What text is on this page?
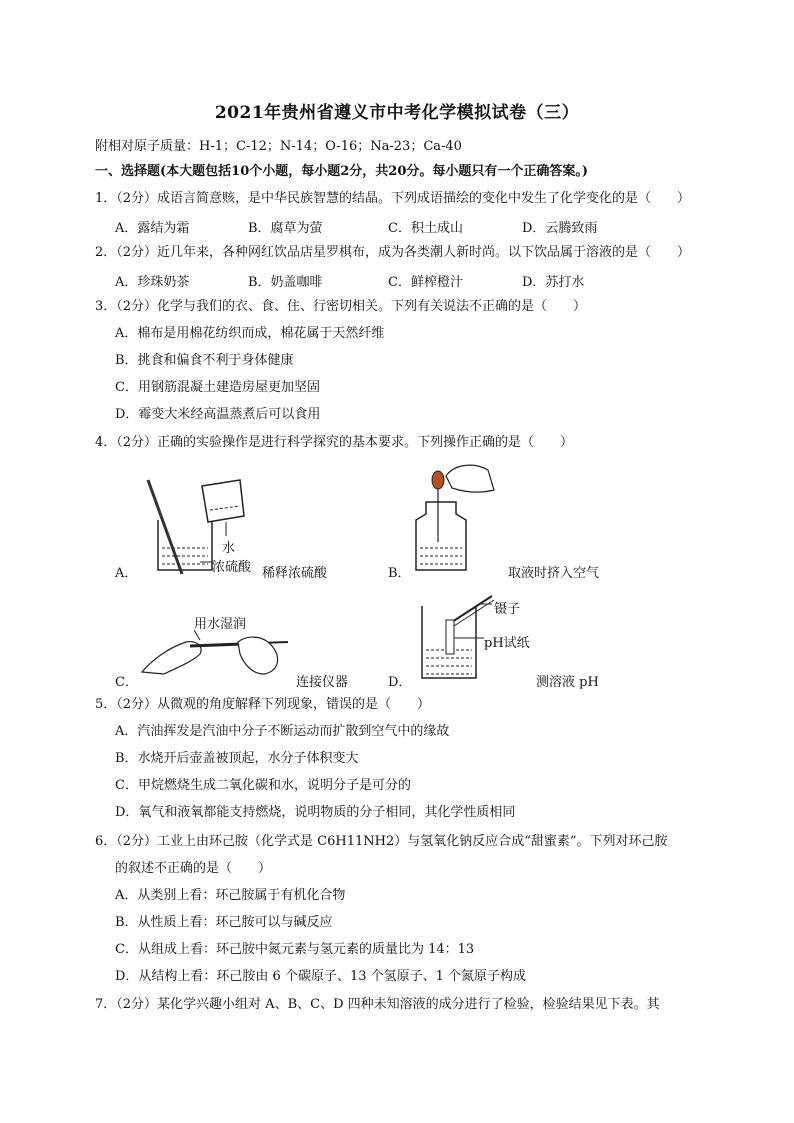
2021年贵州省遵义市中考化学模拟试卷（三）
附相对原子质量：H-1；C-12；N-14；O-16；Na-23；Ca-40
一、选择题(本大题包括10个小题，每小题2分，共20分。每小题只有一个正确答案。)
1．（2分）成语言简意赅，是中华民族智慧的结晶。下列成语描绘的变化中发生了化学变化的是（　　）
A．露结为霜	B．腐草为萤	C．积土成山	D．云腾致雨
2．（2分）近几年来，各种网红饮品店星罗棋布，成为各类潮人新时尚。以下饮品属于溶液的是（　　）
A．珍珠奶茶	B．奶盖咖啡	C．鲜榨橙汁	D．苏打水
3．（2分）化学与我们的衣、食、住、行密切相关。下列有关说法不正确的是（　　）
A．棉布是用棉花纺织而成，棉花属于天然纤维
B．挑食和偏食不利于身体健康
C．用钢筋混凝土建造房屋更加坚固
D．霉变大米经高温蒸煮后可以食用
4．（2分）正确的实验操作是进行科学探究的基本要求。下列操作正确的是（　　）
A．
水
浓硫酸 稀释浓硫酸	B．	取液时挤入空气
用水湿润
C．	连接仪器	D．
镊子
pH试纸
测溶液 pH
5．（2分）从微观的角度解释下列现象，错误的是（　　）
A．汽油挥发是汽油中分子不断运动而扩散到空气中的缘故
B．水烧开后壶盖被顶起，水分子体积变大
C．甲烷燃烧生成二氧化碳和水，说明分子是可分的
D．氧气和液氧都能支持燃烧，说明物质的分子相同，其化学性质相同
6．（2分）工业上由环己胺（化学式是 C6H11NH2）与氢氧化钠反应合成“甜蜜素”。下列对环己胺
的叙述不正确的是（　　）
A．从类别上看：环己胺属于有机化合物
B．从性质上看：环己胺可以与碱反应
C．从组成上看：环己胺中氮元素与氢元素的质量比为 14：13
D．从结构上看：环己胺由 6 个碳原子、13 个氢原子、1 个氮原子构成
7．（2分）某化学兴趣小组对 A、B、C、D 四种未知溶液的成分进行了检验，检验结果见下表。其
